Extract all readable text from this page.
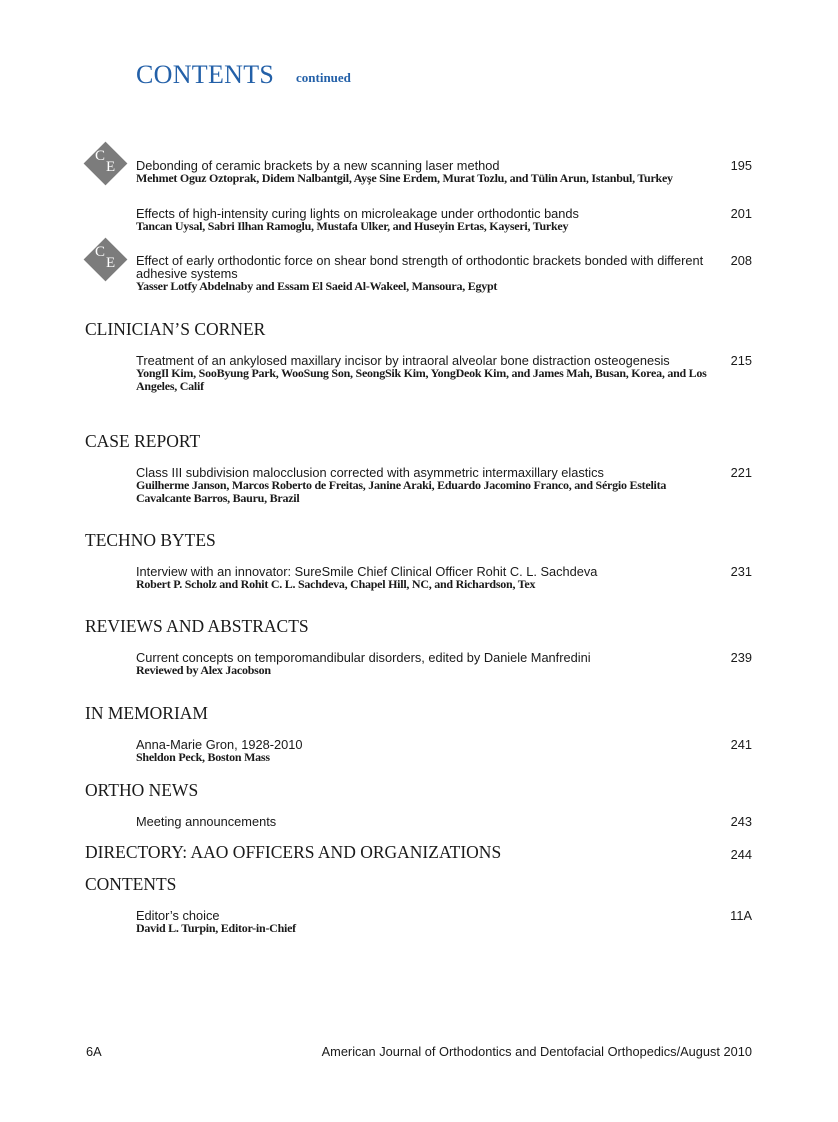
CONTENTS continued
C
E
C
E
Debonding of ceramic brackets by a new scanning laser method
Mehmet Oguz Oztoprak, Didem Nalbantgil, Ayşe Sine Erdem, Murat Tozlu, and Tülin Arun, Istanbul, Turkey
195
Effects of high-intensity curing lights on microleakage under orthodontic bands
Tancan Uysal, Sabri Ilhan Ramoglu, Mustafa Ulker, and Huseyin Ertas, Kayseri, Turkey
201
Effect of early orthodontic force on shear bond strength of orthodontic brackets bonded with different adhesive systems
Yasser Lotfy Abdelnaby and Essam El Saeid Al-Wakeel, Mansoura, Egypt
208
CLINICIAN’S CORNER
Treatment of an ankylosed maxillary incisor by intraoral alveolar bone distraction osteogenesis
YongIl Kim, SooByung Park, WooSung Son, SeongSik Kim, YongDeok Kim, and James Mah, Busan, Korea, and Los Angeles, Calif
215
CASE REPORT
Class III subdivision malocclusion corrected with asymmetric intermaxillary elastics
Guilherme Janson, Marcos Roberto de Freitas, Janine Araki, Eduardo Jacomino Franco, and Sérgio Estelita Cavalcante Barros, Bauru, Brazil
221
TECHNO BYTES
Interview with an innovator: SureSmile Chief Clinical Officer Rohit C. L. Sachdeva
Robert P. Scholz and Rohit C. L. Sachdeva, Chapel Hill, NC, and Richardson, Tex
231
REVIEWS AND ABSTRACTS
Current concepts on temporomandibular disorders, edited by Daniele Manfredini
Reviewed by Alex Jacobson
239
IN MEMORIAM
Anna-Marie Gron, 1928-2010
Sheldon Peck, Boston Mass
241
ORTHO NEWS
Meeting announcements	243
DIRECTORY: AAO OFFICERS AND ORGANIZATIONS	244
CONTENTS
Editor’s choice
David L. Turpin, Editor-in-Chief
11A
6A	American Journal of Orthodontics and Dentofacial Orthopedics/August 2010
